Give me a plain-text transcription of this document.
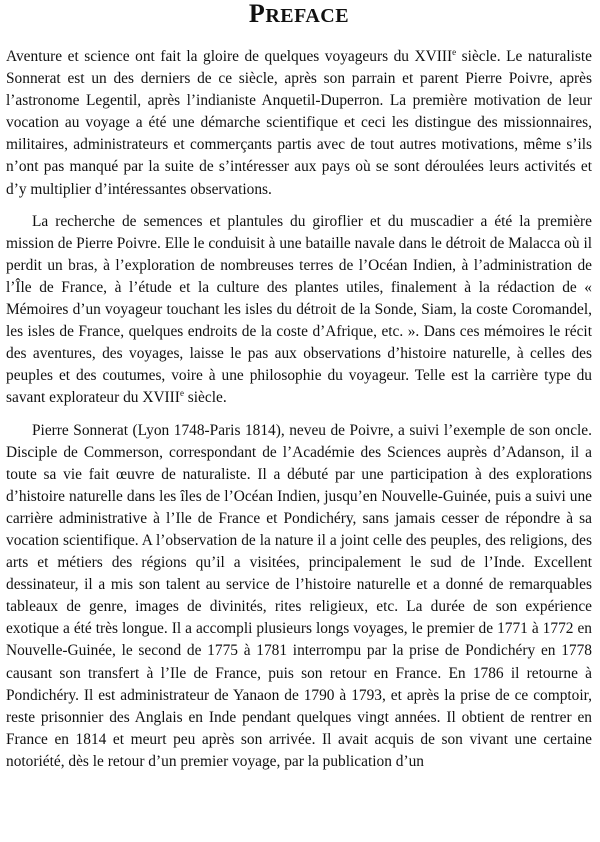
PREFACE

Aventure et science ont fait la gloire de quelques voyageurs du XVIIIe siècle. Le naturaliste Sonnerat est un des derniers de ce siècle, après son parrain et parent Pierre Poivre, après l’astronome Legentil, après l’indianiste Anquetil-Duperron. La première motivation de leur vocation au voyage a été une démarche scientifique et ceci les distingue des missionnaires, militaires, administrateurs et commerçants partis avec de tout autres motivations, même s’ils n’ont pas manqué par la suite de s’intéresser aux pays où se sont déroulées leurs activités et d’y multiplier d’intéressantes observations.

La recherche de semences et plantules du giroflier et du muscadier a été la première mission de Pierre Poivre. Elle le conduisit à une bataille navale dans le détroit de Malacca où il perdit un bras, à l’exploration de nombreuses terres de l’Océan Indien, à l’administration de l’Île de France, à l’étude et la culture des plantes utiles, finalement à la rédaction de « Mémoires d’un voyageur touchant les isles du détroit de la Sonde, Siam, la coste Coromandel, les isles de France, quelques endroits de la coste d’Afrique, etc. ». Dans ces mémoires le récit des aventures, des voyages, laisse le pas aux observations d’histoire naturelle, à celles des peuples et des coutumes, voire à une philosophie du voyageur. Telle est la carrière type du savant explorateur du XVIIIe siècle.

Pierre Sonnerat (Lyon 1748-Paris 1814), neveu de Poivre, a suivi l’exemple de son oncle. Disciple de Commerson, correspondant de l’Académie des Sciences auprès d’Adanson, il a toute sa vie fait œuvre de naturaliste. Il a débuté par une participation à des explorations d’histoire naturelle dans les îles de l’Océan Indien, jusqu’en Nouvelle-Guinée, puis a suivi une carrière administrative à l’Ile de France et Pondichéry, sans jamais cesser de répondre à sa vocation scientifique. A l’observation de la nature il a joint celle des peuples, des religions, des arts et métiers des régions qu’il a visitées, principalement le sud de l’Inde. Excellent dessinateur, il a mis son talent au service de l’histoire naturelle et a donné de remarquables tableaux de genre, images de divinités, rites religieux, etc. La durée de son expérience exotique a été très longue. Il a accompli plusieurs longs voyages, le premier de 1771 à 1772 en Nouvelle-Guinée, le second de 1775 à 1781 interrompu par la prise de Pondichéry en 1778 causant son transfert à l’Ile de France, puis son retour en France. En 1786 il retourne à Pondichéry. Il est administrateur de Yanaon de 1790 à 1793, et après la prise de ce comptoir, reste prisonnier des Anglais en Inde pendant quelques vingt années. Il obtient de rentrer en France en 1814 et meurt peu après son arrivée. Il avait acquis de son vivant une certaine notoriété, dès le retour d’un premier voyage, par la publication d’un
